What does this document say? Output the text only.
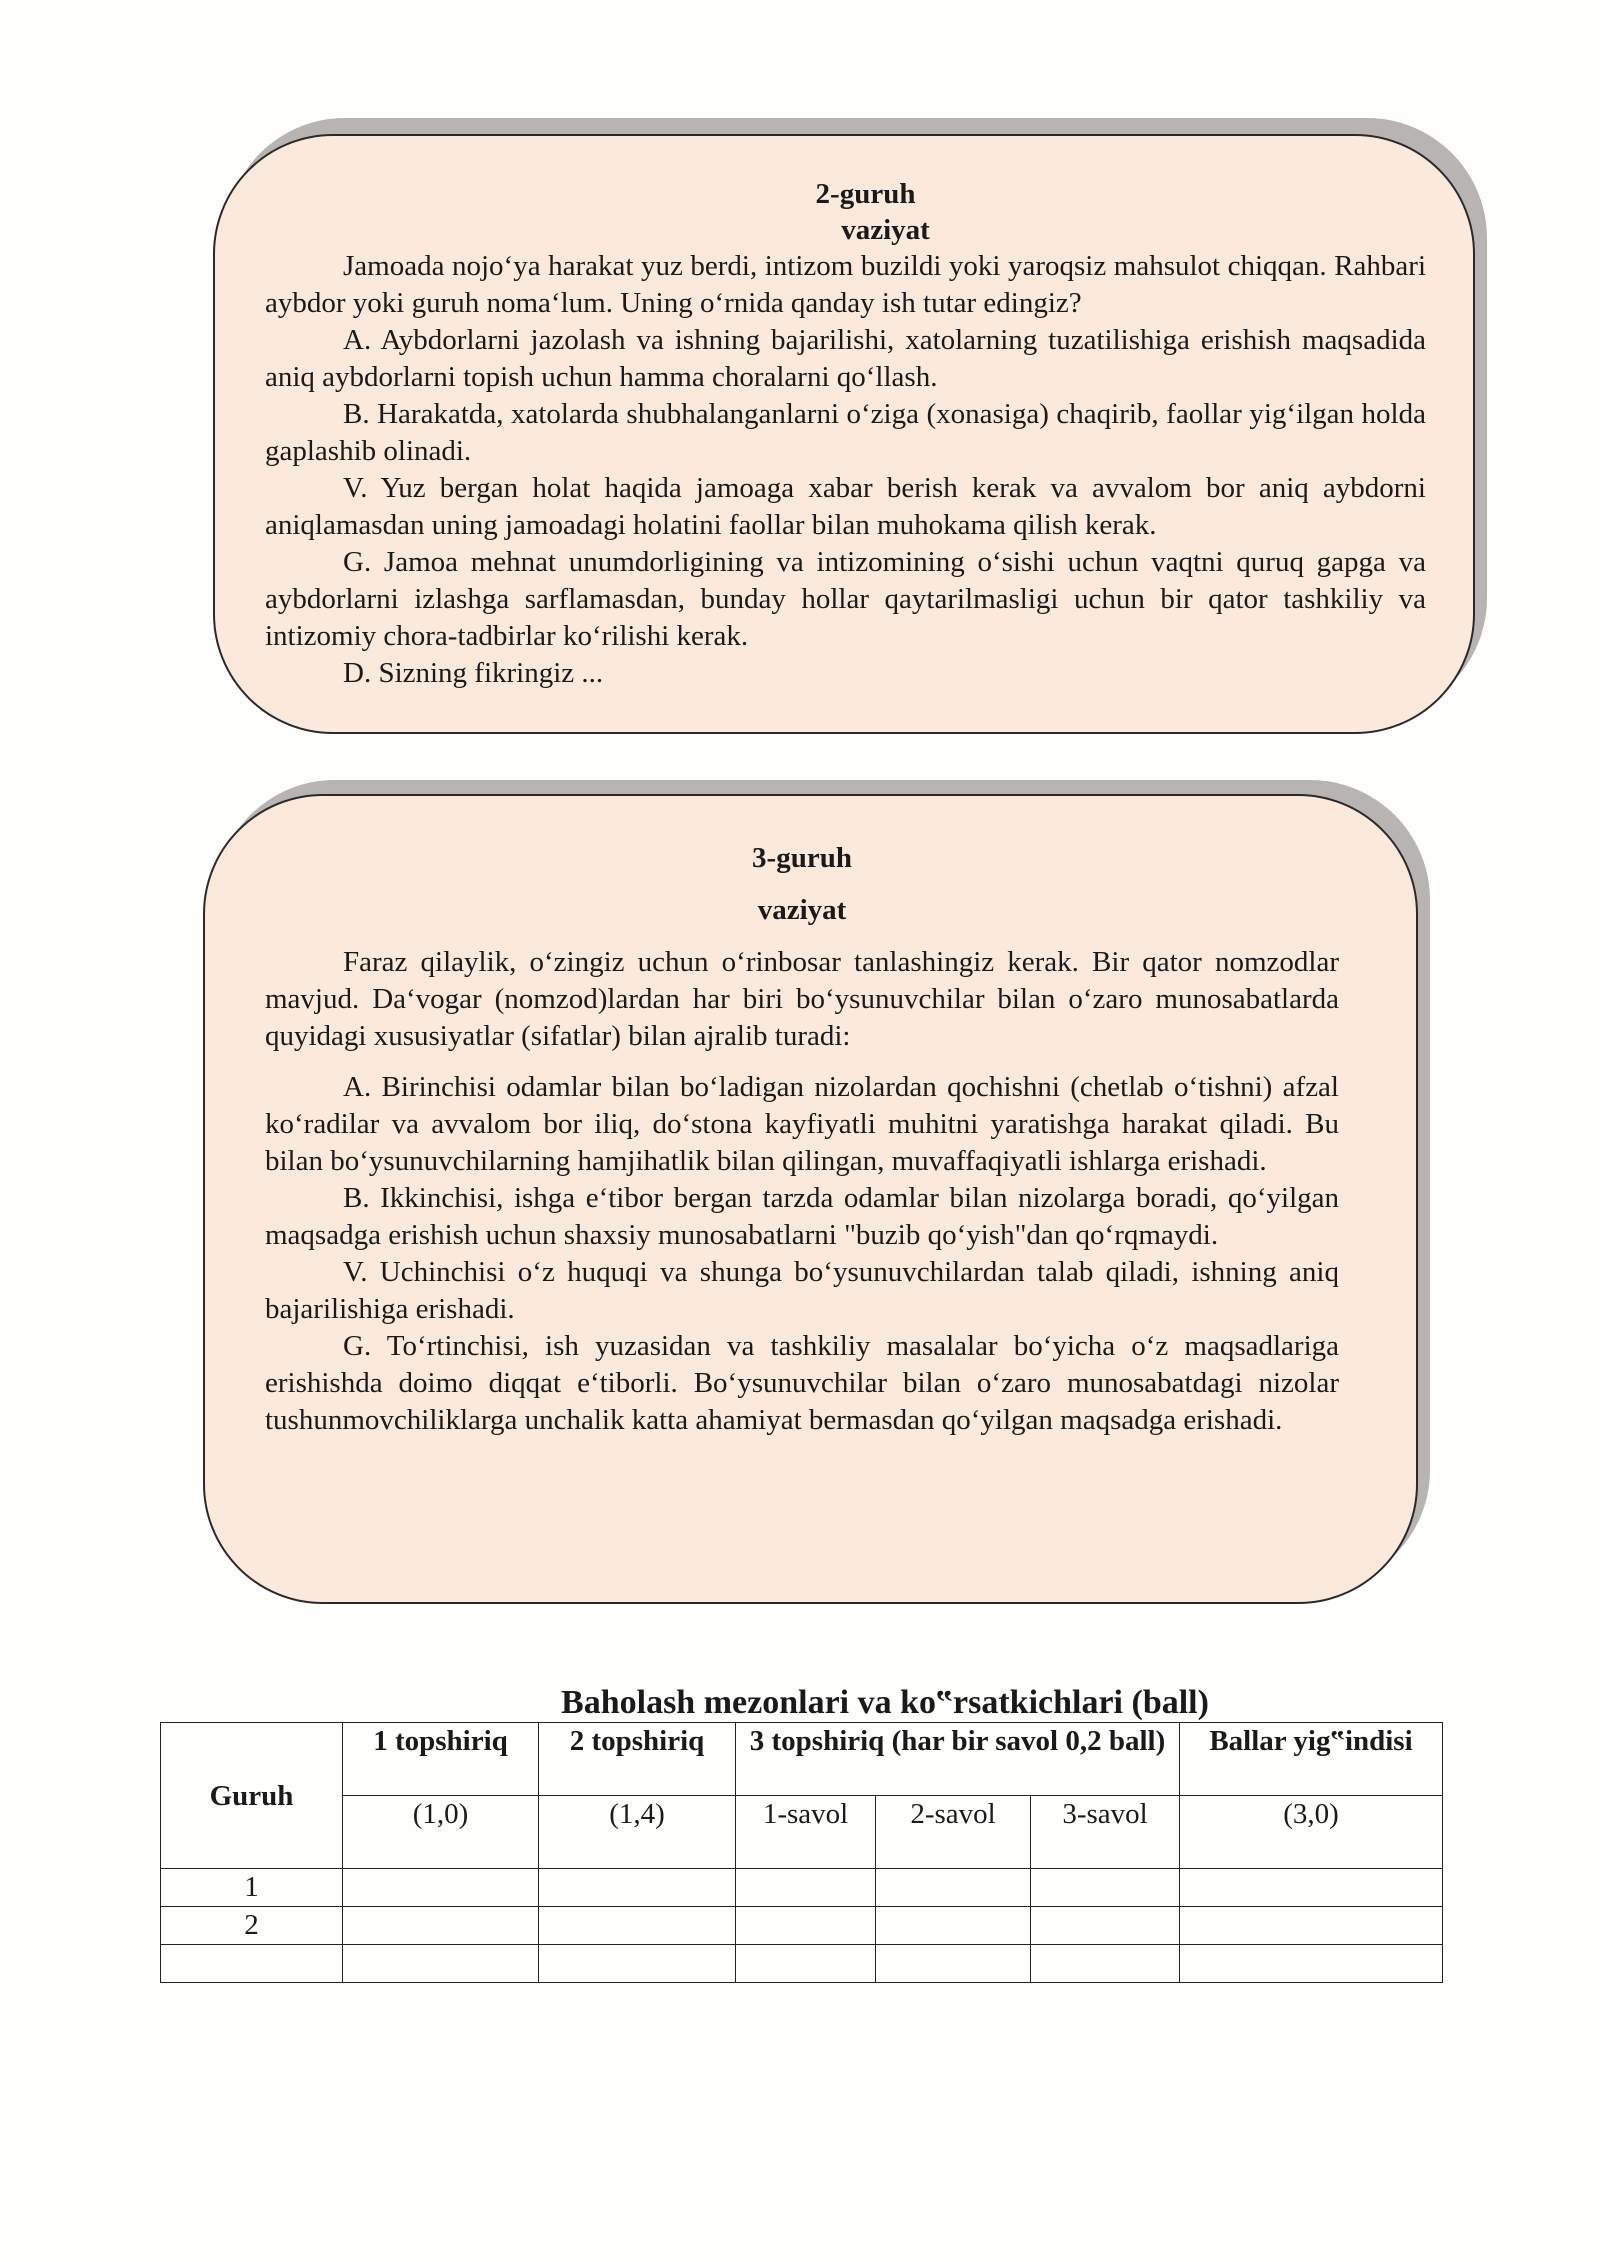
2-guruh
vaziyat

Jamoada nojo‘ya harakat yuz berdi, intizom buzildi yoki yaroqsiz mahsulot chiqqan. Rahbari aybdor yoki guruh noma‘lum. Uning o‘rnida qanday ish tutar edingiz?

A. Aybdorlarni jazolash va ishning bajarilishi, xatolarning tuzatilishiga erishish maqsadida aniq aybdorlarni topish uchun hamma choralarni qo‘llash.

B. Harakatda, xatolarda shubhalanganlarni o‘ziga (xonasiga) chaqirib, faollar yig‘ilgan holda gaplashib olinadi.

V. Yuz bergan holat haqida jamoaga xabar berish kerak va avvalom bor aniq aybdorni aniqlamasdan uning jamoadagi holatini faollar bilan muhokama qilish kerak.

G. Jamoa mehnat unumdorligining va intizomining o‘sishi uchun vaqtni quruq gapga va aybdorlarni izlashga sarflamasdan, bunday hollar qaytarilmasligi uchun bir qator tashkiliy va intizomiy chora-tadbirlar ko‘rilishi kerak.

D. Sizning fikringiz ...

3-guruh
vaziyat

Faraz qilaylik, o‘zingiz uchun o‘rinbosar tanlashingiz kerak. Bir qator nomzodlar mavjud. Da‘vogar (nomzod)lardan har biri bo‘ysunuvchilar bilan o‘zaro munosabatlarda quyidagi xususiyatlar (sifatlar) bilan ajralib turadi:

A. Birinchisi odamlar bilan bo‘ladigan nizolardan qochishni (chetlab o‘tishni) afzal ko‘radilar va avvalom bor iliq, do‘stona kayfiyatli muhitni yaratishga harakat qiladi. Bu bilan bo‘ysunuvchilarning hamjihatlik bilan qilingan, muvaffaqiyatli ishlarga erishadi.

B. Ikkinchisi, ishga e‘tibor bergan tarzda odamlar bilan nizolarga boradi, qo‘yilgan maqsadga erishish uchun shaxsiy munosabatlarni "buzib qo‘yish"dan qo‘rqmaydi.

V. Uchinchisi o‘z huquqi va shunga bo‘ysunuvchilardan talab qiladi, ishning aniq bajarilishiga erishadi.

G. To‘rtinchisi, ish yuzasidan va tashkiliy masalalar bo‘yicha o‘z maqsadlariga erishishda doimo diqqat e‘tiborli. Bo‘ysunuvchilar bilan o‘zaro munosabatdagi nizolar tushunmovchiliklarga unchalik katta ahamiyat bermasdan qo‘yilgan maqsadga erishadi.

Baholash mezonlari va ko‟rsatkichlari (ball)
Guruh	1 topshiriq	2 topshiriq	3 topshiriq (har bir savol 0,2 ball)			Ballar yig‟indisi
	(1,0)	(1,4)	1-savol	2-savol	3-savol	(3,0)
1						
2						
